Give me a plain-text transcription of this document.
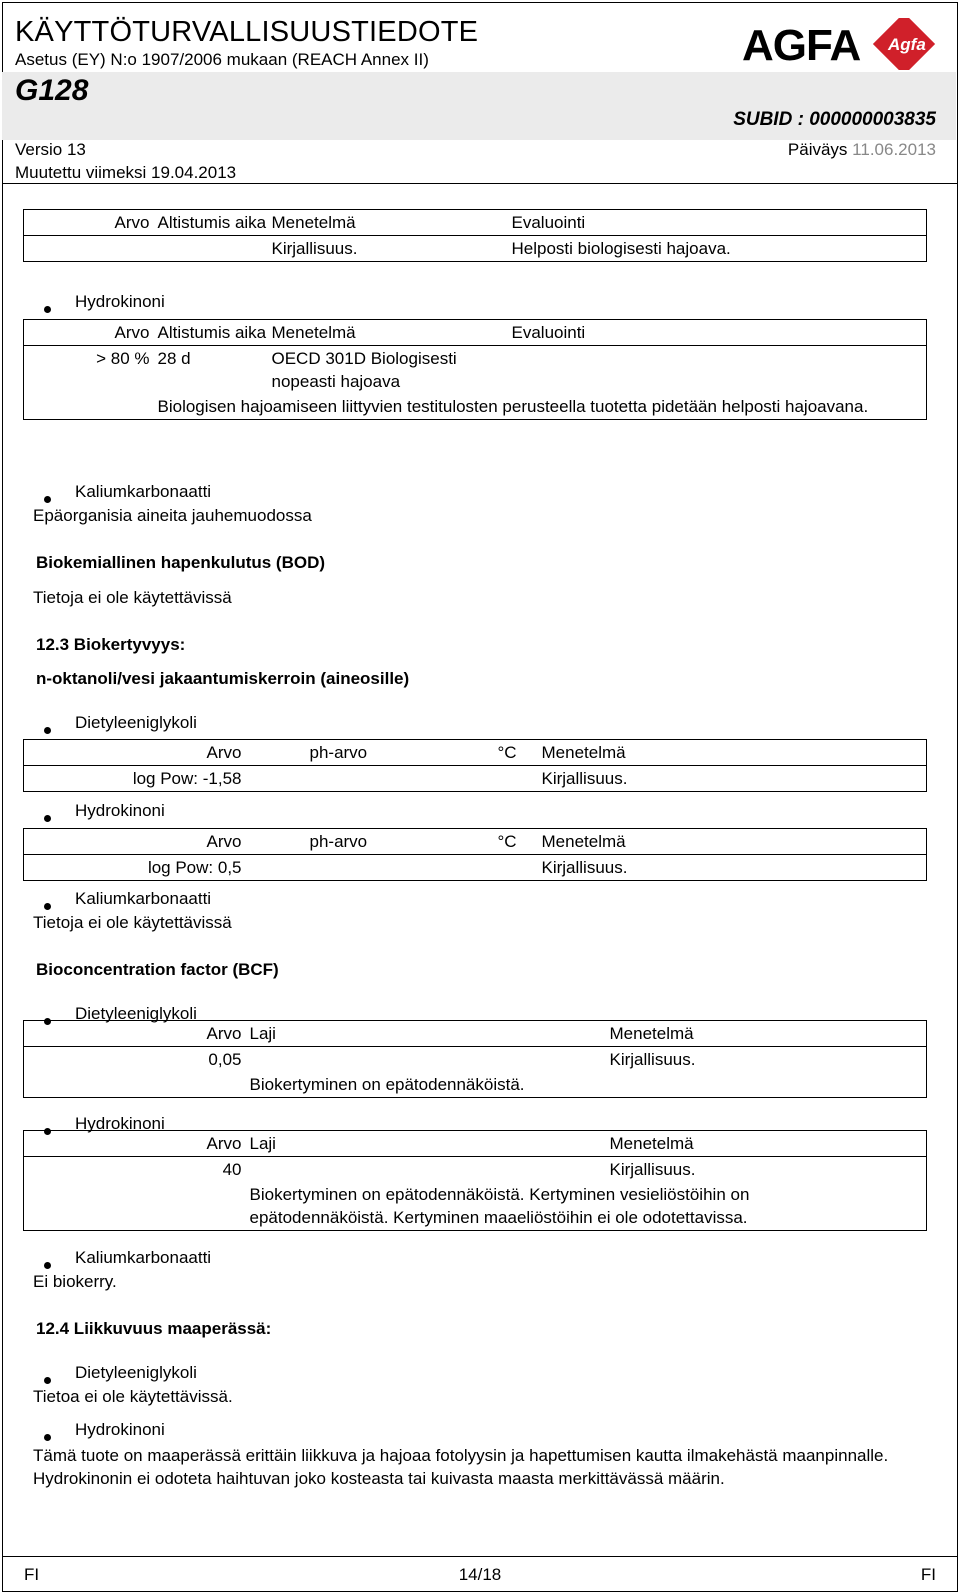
KÄYTTÖTURVALLISUUSTIEDOTE
Asetus (EY) N:o 1907/2006 mukaan (REACH Annex II)
G128
SUBID : 000000003835
Versio 13
Muutettu viimeksi 19.04.2013
Päiväys 11.06.2013
AGFA Agfa
Arvo	Altistumis aika	Menetelmä	Evaluointi
		Kirjallisuus.	Helposti biologisesti hajoava.
Hydrokinoni
Arvo	Altistumis aika	Menetelmä	Evaluointi
> 80 %	28 d	OECD 301D Biologisesti nopeasti hajoava	
	Biologisen hajoamiseen liittyvien testitulosten perusteella tuotetta pidetään helposti hajoavana.		
Kaliumkarbonaatti
Epäorganisia aineita jauhemuodossa
Biokemiallinen hapenkulutus (BOD)
Tietoja ei ole käytettävissä
12.3 Biokertyvyys:
n-oktanoli/vesi jakaantumiskerroin (aineosille)
Dietyleeniglykoli
Arvo		ph-arvo	°C	Menetelmä
log Pow: -1,58				Kirjallisuus.
Hydrokinoni
Arvo		ph-arvo	°C	Menetelmä
log Pow: 0,5				Kirjallisuus.
Kaliumkarbonaatti
Tietoja ei ole käytettävissä
Bioconcentration factor (BCF)
Dietyleeniglykoli
Arvo	Laji	Menetelmä
0,05		Kirjallisuus.
	Biokertyminen on epätodennäköistä.	
Hydrokinoni
Arvo	Laji	Menetelmä
40		Kirjallisuus.
	Biokertyminen on epätodennäköistä. Kertyminen vesieliöstöihin on epätodennäköistä. Kertyminen maaeliöstöihin ei ole odotettavissa.	
Kaliumkarbonaatti
Ei biokerry.
12.4 Liikkuvuus maaperässä:
Dietyleeniglykoli
Tietoa ei ole käytettävissä.
Hydrokinoni
Tämä tuote on maaperässä erittäin liikkuva ja hajoaa fotolyysin ja hapettumisen kautta ilmakehästä maanpinnalle. Hydrokinonin ei odoteta haihtuvan joko kosteasta tai kuivasta maasta merkittävässä määrin.
FI	14/18	FI
